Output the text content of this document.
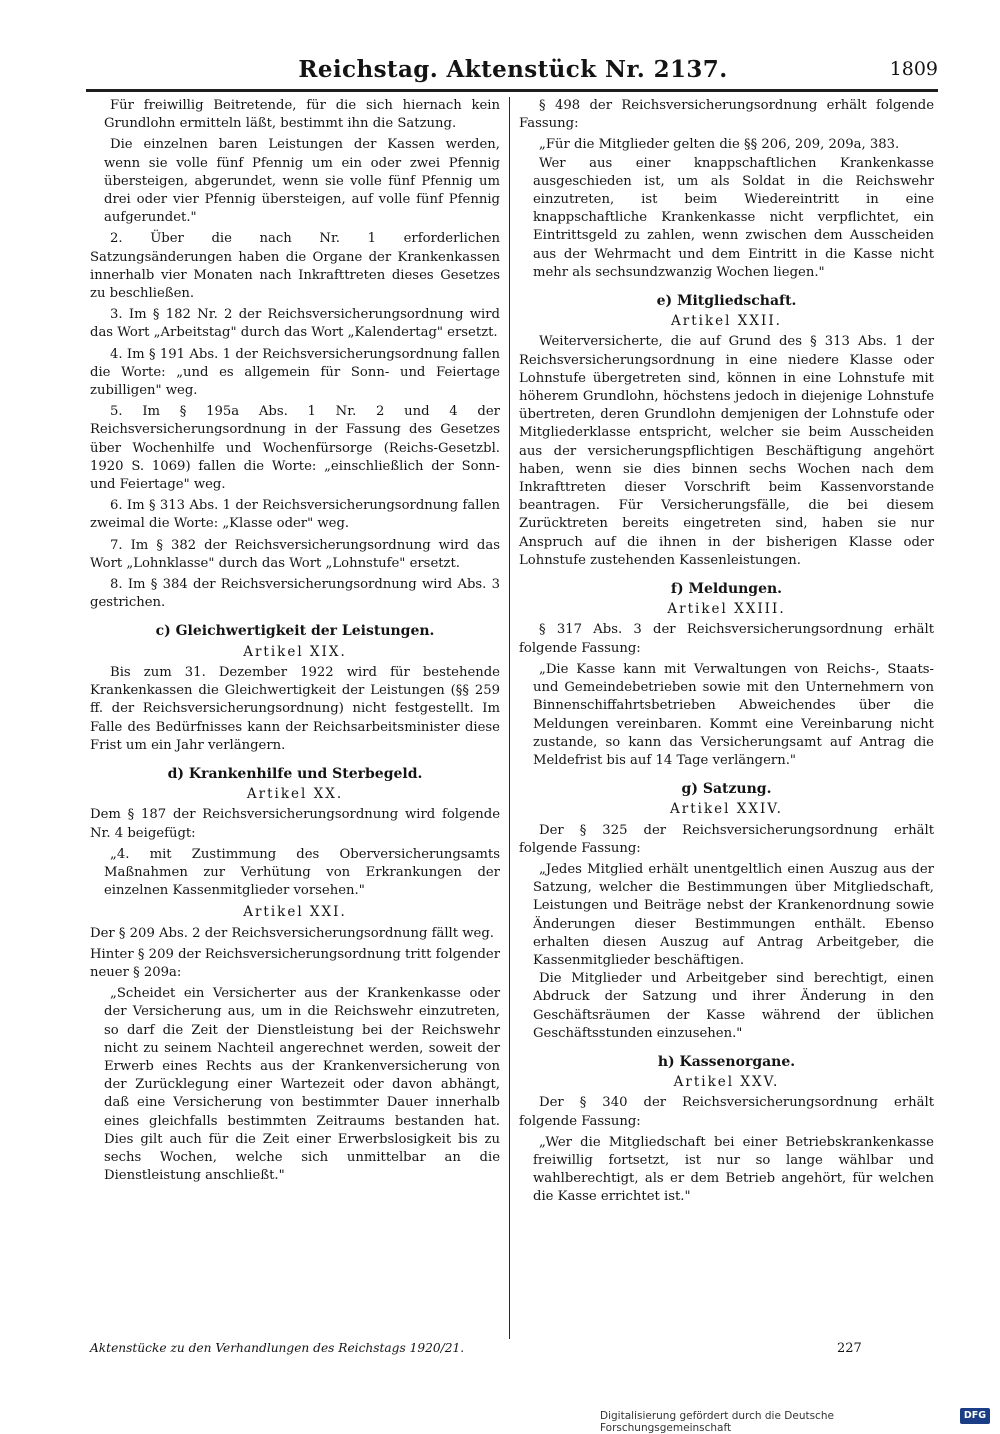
Reichstag. Aktenstück Nr. 2137.	1809

Für freiwillig Beitretende, für die sich hiernach kein Grundlohn ermitteln läßt, bestimmt ihn die Satzung.

Die einzelnen baren Leistungen der Kassen werden, wenn sie volle fünf Pfennig um ein oder zwei Pfennig übersteigen, abgerundet, wenn sie volle fünf Pfennig um drei oder vier Pfennig übersteigen, auf volle fünf Pfennig aufgerundet."

2. Über die nach Nr. 1 erforderlichen Satzungsänderungen haben die Organe der Krankenkassen innerhalb vier Monaten nach Inkrafttreten dieses Gesetzes zu beschließen.

3. Im § 182 Nr. 2 der Reichsversicherungsordnung wird das Wort „Arbeitstag" durch das Wort „Kalendertag" ersetzt.

4. Im § 191 Abs. 1 der Reichsversicherungsordnung fallen die Worte: „und es allgemein für Sonn- und Feiertage zubilligen" weg.

5. Im § 195a Abs. 1 Nr. 2 und 4 der Reichsversicherungsordnung in der Fassung des Gesetzes über Wochenhilfe und Wochenfürsorge (Reichs-Gesetzbl. 1920 S. 1069) fallen die Worte: „einschließlich der Sonn- und Feiertage" weg.

6. Im § 313 Abs. 1 der Reichsversicherungsordnung fallen zweimal die Worte: „Klasse oder" weg.

7. Im § 382 der Reichsversicherungsordnung wird das Wort „Lohnklasse" durch das Wort „Lohnstufe" ersetzt.

8. Im § 384 der Reichsversicherungsordnung wird Abs. 3 gestrichen.

c) Gleichwertigkeit der Leistungen.
Artikel XIX.

Bis zum 31. Dezember 1922 wird für bestehende Krankenkassen die Gleichwertigkeit der Leistungen (§§ 259 ff. der Reichsversicherungsordnung) nicht festgestellt. Im Falle des Bedürfnisses kann der Reichsarbeitsminister diese Frist um ein Jahr verlängern.

d) Krankenhilfe und Sterbegeld.
Artikel XX.

Dem § 187 der Reichsversicherungsordnung wird folgende Nr. 4 beigefügt:

„4. mit Zustimmung des Oberversicherungsamts Maßnahmen zur Verhütung von Erkrankungen der einzelnen Kassenmitglieder vorsehen."

Artikel XXI.

Der § 209 Abs. 2 der Reichsversicherungsordnung fällt weg.

Hinter § 209 der Reichsversicherungsordnung tritt folgender neuer § 209a:

„Scheidet ein Versicherter aus der Krankenkasse oder der Versicherung aus, um in die Reichswehr einzutreten, so darf die Zeit der Dienstleistung bei der Reichswehr nicht zu seinem Nachteil angerechnet werden, soweit der Erwerb eines Rechts aus der Krankenversicherung von der Zurücklegung einer Wartezeit oder davon abhängt, daß eine Versicherung von bestimmter Dauer innerhalb eines gleichfalls bestimmten Zeitraums bestanden hat. Dies gilt auch für die Zeit einer Erwerbslosigkeit bis zu sechs Wochen, welche sich unmittelbar an die Dienstleistung anschließt."

§ 498 der Reichsversicherungsordnung erhält folgende Fassung:

„Für die Mitglieder gelten die §§ 206, 209, 209a, 383.

Wer aus einer knappschaftlichen Krankenkasse ausgeschieden ist, um als Soldat in die Reichswehr einzutreten, ist beim Wiedereintritt in eine knappschaftliche Krankenkasse nicht verpflichtet, ein Eintrittsgeld zu zahlen, wenn zwischen dem Ausscheiden aus der Wehrmacht und dem Eintritt in die Kasse nicht mehr als sechsundzwanzig Wochen liegen."

e) Mitgliedschaft.
Artikel XXII.

Weiterversicherte, die auf Grund des § 313 Abs. 1 der Reichsversicherungsordnung in eine niedere Klasse oder Lohnstufe übergetreten sind, können in eine Lohnstufe mit höherem Grundlohn, höchstens jedoch in diejenige Lohnstufe übertreten, deren Grundlohn demjenigen der Lohnstufe oder Mitgliederklasse entspricht, welcher sie beim Ausscheiden aus der versicherungspflichtigen Beschäftigung angehört haben, wenn sie dies binnen sechs Wochen nach dem Inkrafttreten dieser Vorschrift beim Kassenvorstande beantragen. Für Versicherungsfälle, die bei diesem Zurücktreten bereits eingetreten sind, haben sie nur Anspruch auf die ihnen in der bisherigen Klasse oder Lohnstufe zustehenden Kassenleistungen.

f) Meldungen.
Artikel XXIII.

§ 317 Abs. 3 der Reichsversicherungsordnung erhält folgende Fassung:

„Die Kasse kann mit Verwaltungen von Reichs-, Staats- und Gemeindebetrieben sowie mit den Unternehmern von Binnenschiffahrtsbetrieben Abweichendes über die Meldungen vereinbaren. Kommt eine Vereinbarung nicht zustande, so kann das Versicherungsamt auf Antrag die Meldefrist bis auf 14 Tage verlängern."

g) Satzung.
Artikel XXIV.

Der § 325 der Reichsversicherungsordnung erhält folgende Fassung:

„Jedes Mitglied erhält unentgeltlich einen Auszug aus der Satzung, welcher die Bestimmungen über Mitgliedschaft, Leistungen und Beiträge nebst der Krankenordnung sowie Änderungen dieser Bestimmungen enthält. Ebenso erhalten diesen Auszug auf Antrag Arbeitgeber, die Kassenmitglieder beschäftigen.

Die Mitglieder und Arbeitgeber sind berechtigt, einen Abdruck der Satzung und ihrer Änderung in den Geschäftsräumen der Kasse während der üblichen Geschäftsstunden einzusehen."

h) Kassenorgane.
Artikel XXV.

Der § 340 der Reichsversicherungsordnung erhält folgende Fassung:

„Wer die Mitgliedschaft bei einer Betriebskrankenkasse freiwillig fortsetzt, ist nur so lange wählbar und wahlberechtigt, als er dem Betrieb angehört, für welchen die Kasse errichtet ist."

Aktenstücke zu den Verhandlungen des Reichstags 1920/21.	227
Digitalisierung gefördert durch die Deutsche Forschungsgemeinschaft
DFG
